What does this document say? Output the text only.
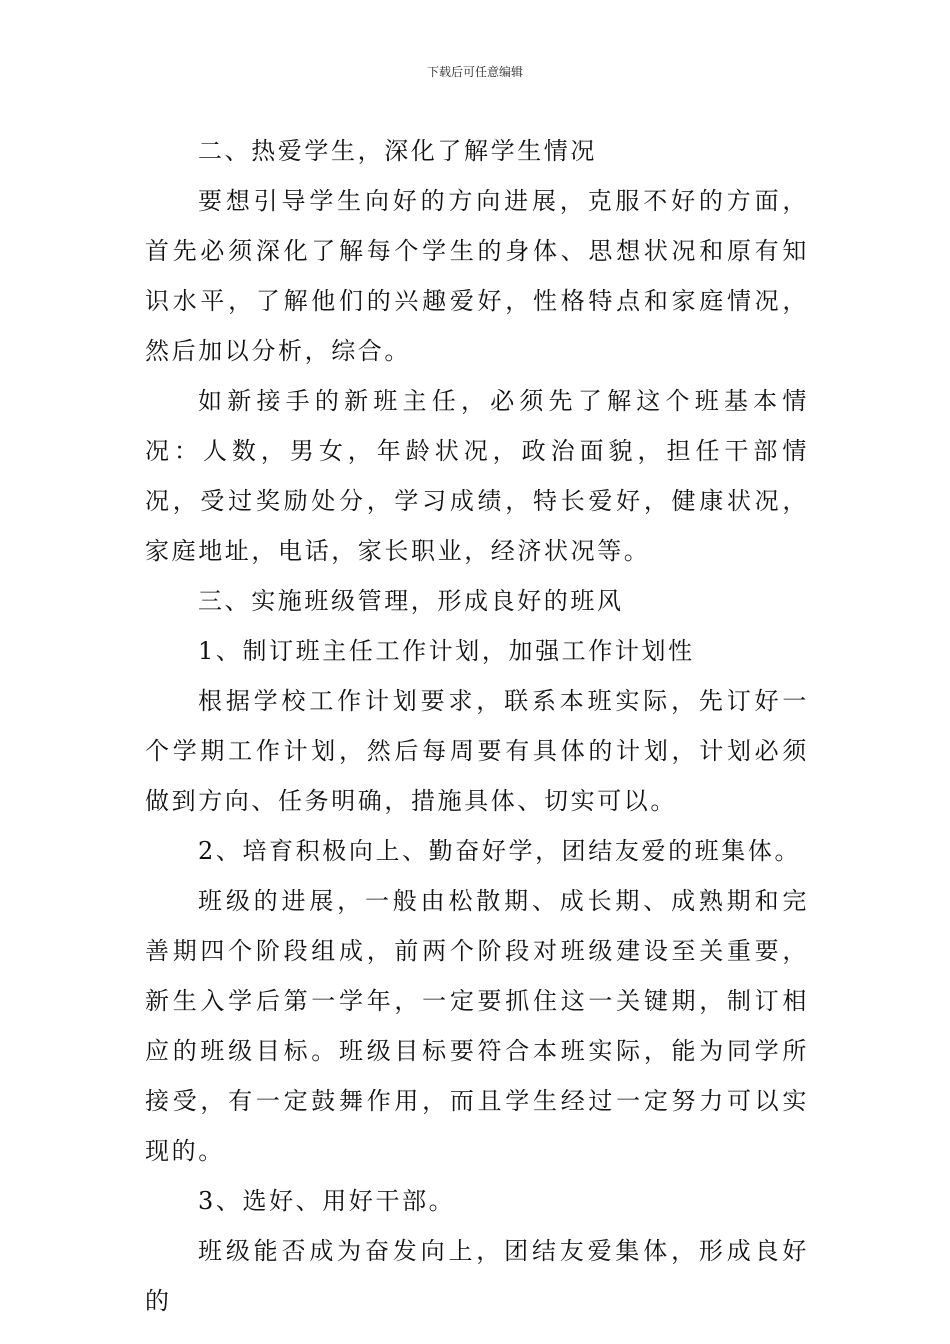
下载后可任意编辑

二、热爱学生，深化了解学生情况

要想引导学生向好的方向进展，克服不好的方面，首先必须深化了解每个学生的身体、思想状况和原有知识水平，了解他们的兴趣爱好，性格特点和家庭情况，然后加以分析，综合。

如新接手的新班主任，必须先了解这个班基本情况：人数，男女，年龄状况，政治面貌，担任干部情况，受过奖励处分，学习成绩，特长爱好，健康状况，家庭地址，电话，家长职业，经济状况等。

三、实施班级管理，形成良好的班风

1、制订班主任工作计划，加强工作计划性

根据学校工作计划要求，联系本班实际，先订好一个学期工作计划，然后每周要有具体的计划，计划必须做到方向、任务明确，措施具体、切实可以。

2、培育积极向上、勤奋好学，团结友爱的班集体。

班级的进展，一般由松散期、成长期、成熟期和完善期四个阶段组成，前两个阶段对班级建设至关重要，新生入学后第一学年，一定要抓住这一关键期，制订相应的班级目标。班级目标要符合本班实际，能为同学所接受，有一定鼓舞作用，而且学生经过一定努力可以实现的。

3、选好、用好干部。

班级能否成为奋发向上，团结友爱集体，形成良好的
